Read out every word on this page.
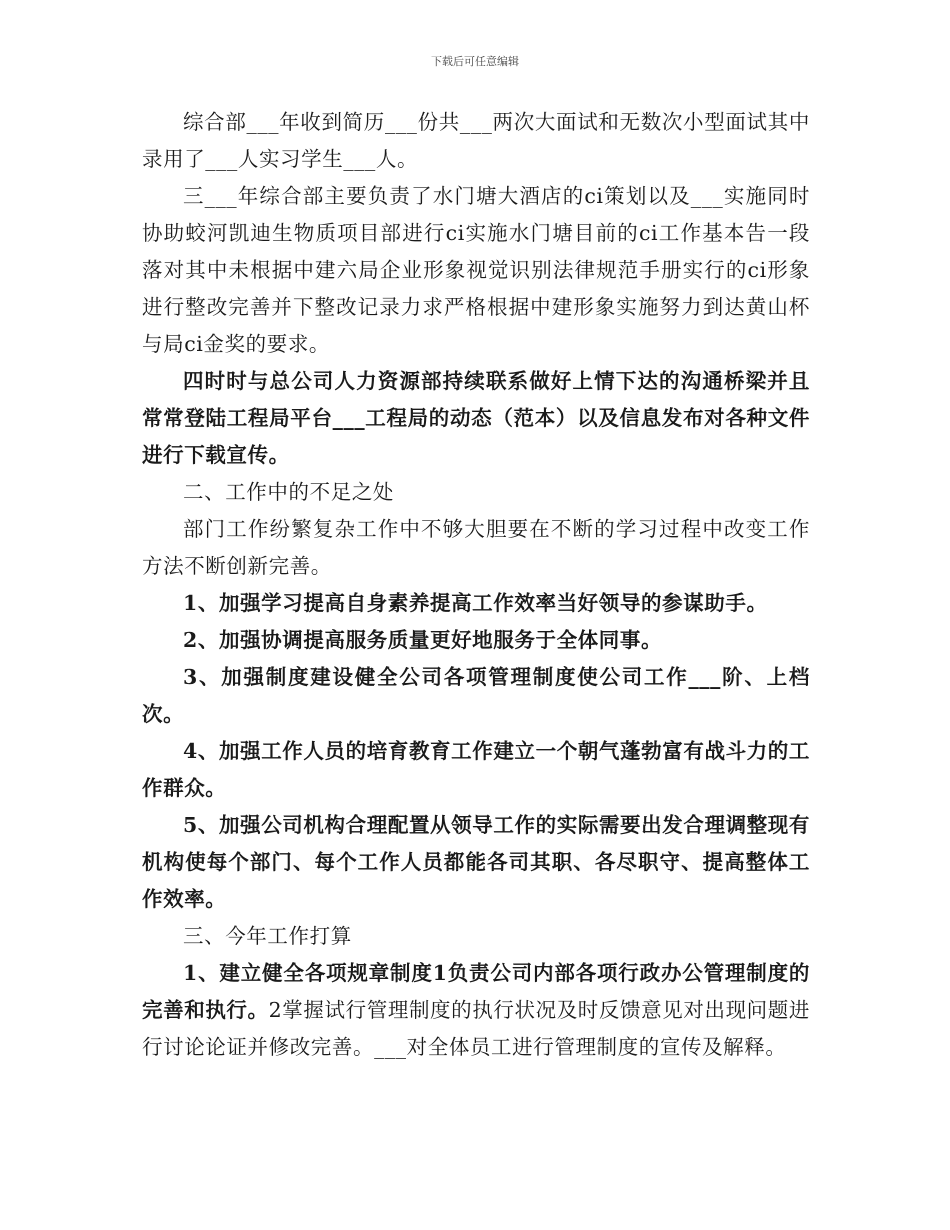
下载后可任意编辑

综合部___年收到简历___份共___两次大面试和无数次小型面试其中录用了___人实习学生___人。

三___年综合部主要负责了水门塘大酒店的ci策划以及___实施同时协助蛟河凯迪生物质项目部进行ci实施水门塘目前的ci工作基本告一段落对其中未根据中建六局企业形象视觉识别法律规范手册实行的ci形象进行整改完善并下整改记录力求严格根据中建形象实施努力到达黄山杯与局ci金奖的要求。

四时时与总公司人力资源部持续联系做好上情下达的沟通桥梁并且常常登陆工程局平台___工程局的动态（范本）以及信息发布对各种文件进行下载宣传。

二、工作中的不足之处

部门工作纷繁复杂工作中不够大胆要在不断的学习过程中改变工作方法不断创新完善。

1、加强学习提高自身素养提高工作效率当好领导的参谋助手。

2、加强协调提高服务质量更好地服务于全体同事。

3、加强制度建设健全公司各项管理制度使公司工作___阶、上档次。

4、加强工作人员的培育教育工作建立一个朝气蓬勃富有战斗力的工作群众。

5、加强公司机构合理配置从领导工作的实际需要出发合理调整现有机构使每个部门、每个工作人员都能各司其职、各尽职守、提高整体工作效率。

三、今年工作打算

1、建立健全各项规章制度1负责公司内部各项行政办公管理制度的完善和执行。2掌握试行管理制度的执行状况及时反馈意见对出现问题进行讨论论证并修改完善。___对全体员工进行管理制度的宣传及解释。
